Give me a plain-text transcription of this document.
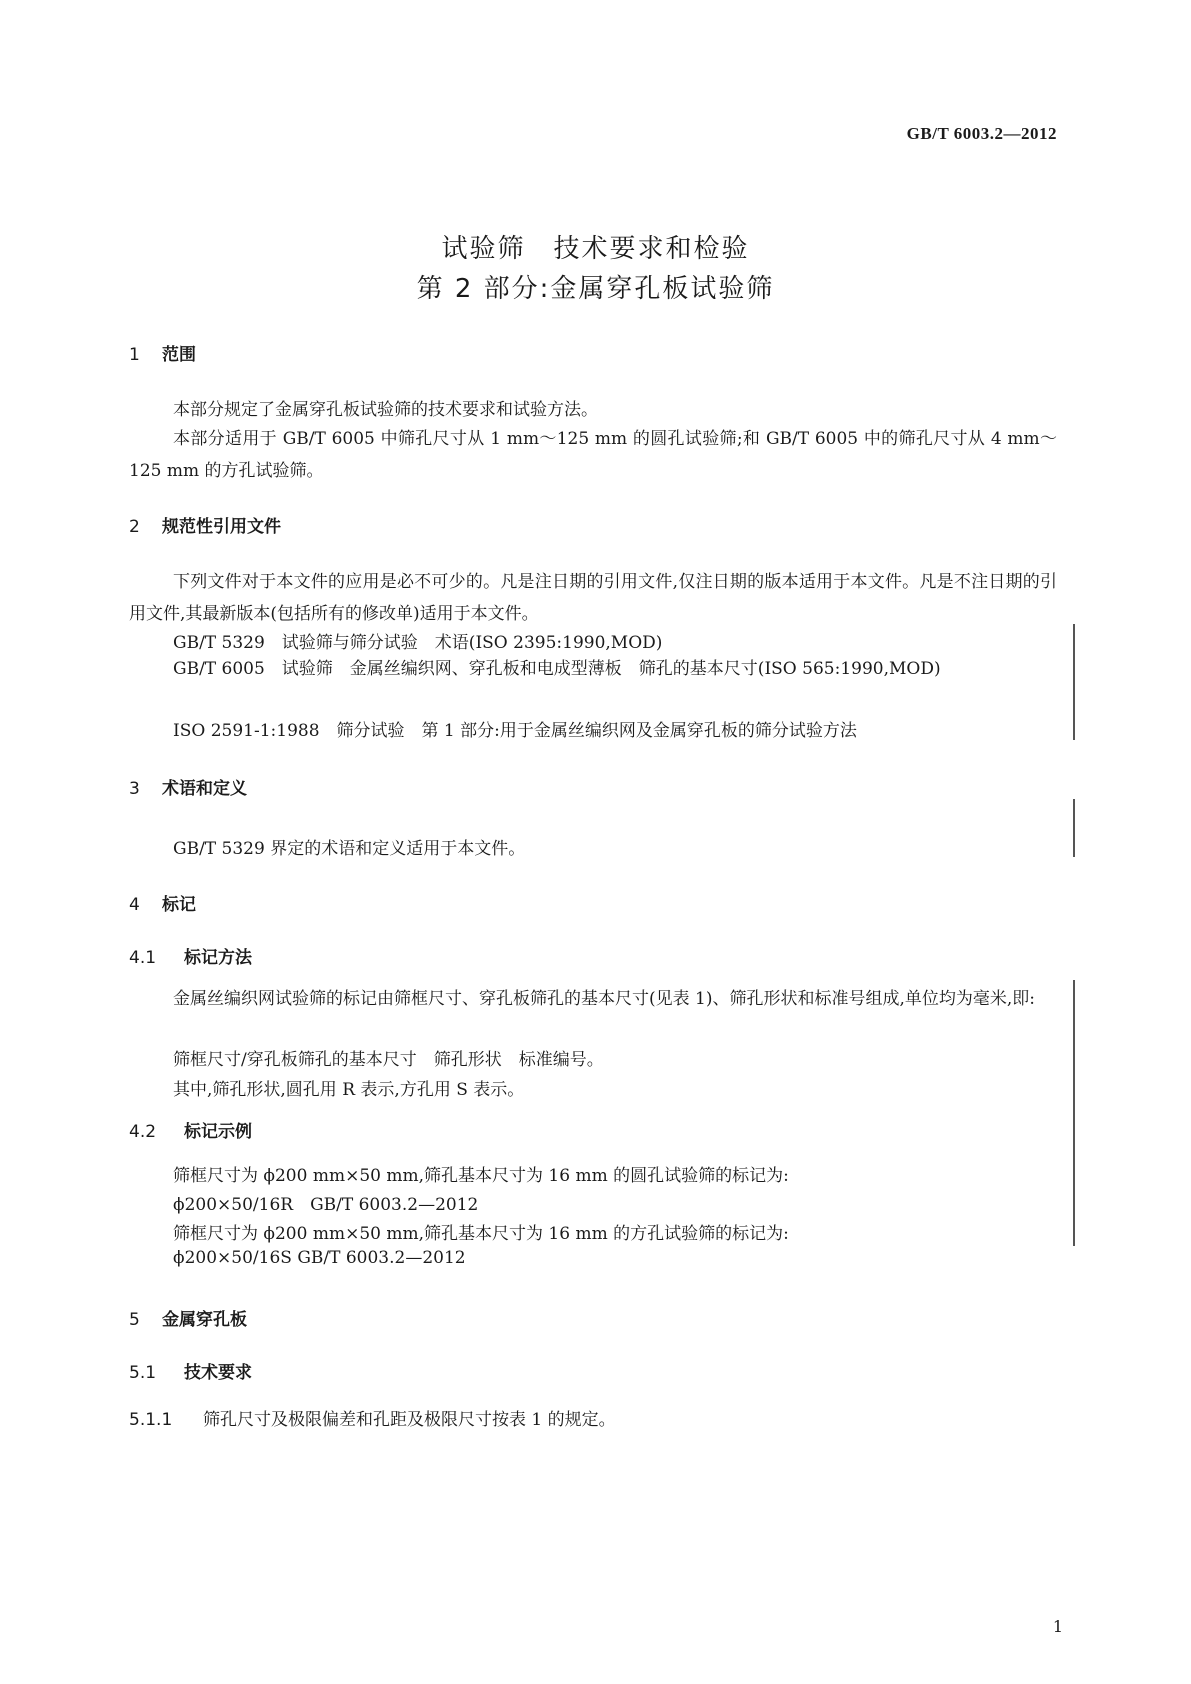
GB/T 6003.2—2012
试验筛　技术要求和检验
第 2 部分:金属穿孔板试验筛
1 范围
本部分规定了金属穿孔板试验筛的技术要求和试验方法。
本部分适用于 GB/T 6005 中筛孔尺寸从 1 mm～125 mm 的圆孔试验筛;和 GB/T 6005 中的筛孔尺寸从 4 mm～125 mm 的方孔试验筛。
2 规范性引用文件
下列文件对于本文件的应用是必不可少的。凡是注日期的引用文件,仅注日期的版本适用于本文件。凡是不注日期的引用文件,其最新版本(包括所有的修改单)适用于本文件。
GB/T 5329　试验筛与筛分试验　术语(ISO 2395:1990,MOD)
GB/T 6005　试验筛　金属丝编织网、穿孔板和电成型薄板　筛孔的基本尺寸(ISO 565:1990,MOD)
ISO 2591-1:1988　筛分试验　第 1 部分:用于金属丝编织网及金属穿孔板的筛分试验方法
3 术语和定义
GB/T 5329 界定的术语和定义适用于本文件。
4 标记
4.1 标记方法
金属丝编织网试验筛的标记由筛框尺寸、穿孔板筛孔的基本尺寸(见表 1)、筛孔形状和标准号组成,单位均为毫米,即:
筛框尺寸/穿孔板筛孔的基本尺寸　筛孔形状　标准编号。
其中,筛孔形状,圆孔用 R 表示,方孔用 S 表示。
4.2 标记示例
筛框尺寸为 ϕ200 mm×50 mm,筛孔基本尺寸为 16 mm 的圆孔试验筛的标记为:
ϕ200×50/16R　GB/T 6003.2—2012
筛框尺寸为 ϕ200 mm×50 mm,筛孔基本尺寸为 16 mm 的方孔试验筛的标记为:
ϕ200×50/16S GB/T 6003.2—2012
5 金属穿孔板
5.1 技术要求
5.1.1 筛孔尺寸及极限偏差和孔距及极限尺寸按表 1 的规定。
1
